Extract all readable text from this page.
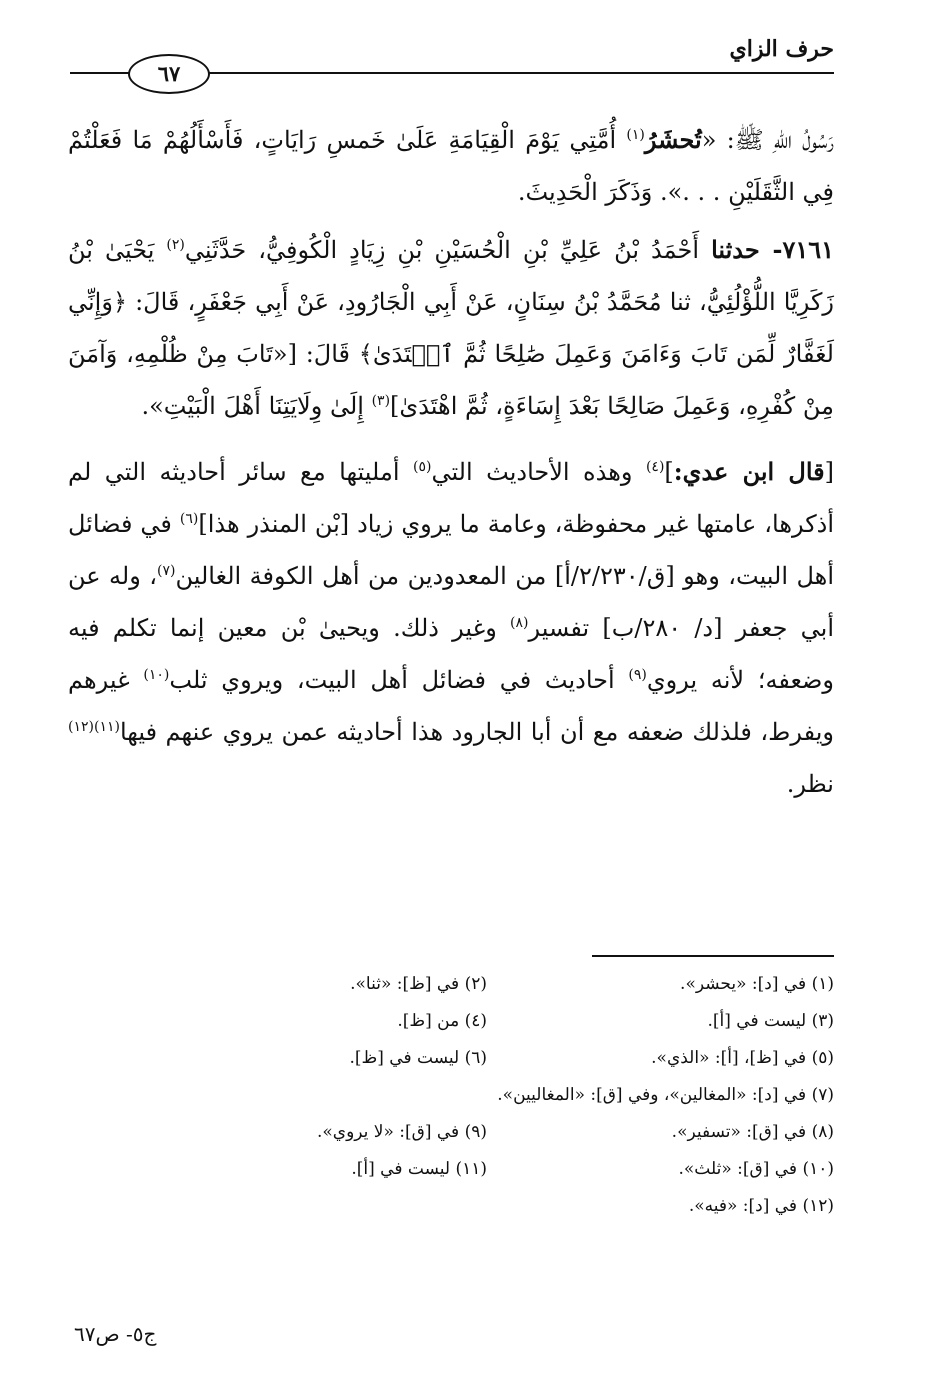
حرف الزاي
٦٧

رَسُولُ اللهِ ﷺ: «تُحشَرُ$^{(١)}$ أُمَّتِي يَوْمَ الْقِيَامَةِ عَلَىٰ خَمسِ رَايَاتٍ، فَأَسْأَلُهُمْ مَا فَعَلْتُمْ فِي الثَّقَلَيْنِ . . .». وَذَكَرَ الْحَدِيثَ.

٧١٦١- حدثنا أَحْمَدُ بْنُ عَلِيِّ بْنِ الْحُسَيْنِ بْنِ زِيَادٍ الْكُوفِيُّ، حَدَّثَنِي$^{(٢)}$ يَحْيَىٰ بْنُ زَكَرِيَّا اللُّؤْلُئِيُّ، ثنا مُحَمَّدُ بْنُ سِنَانٍ، عَنْ أَبِي الْجَارُودِ، عَنْ أَبِي جَعْفَرٍ، قَالَ: ﴿وَإِنِّي لَغَفَّارٌ لِّمَن تَابَ وَءَامَنَ وَعَمِلَ صَٰلِحًا ثُمَّ ٱهۡتَدَىٰ﴾ قَالَ: [«تَابَ مِنْ ظُلْمِهِ، وَآمَنَ مِنْ كُفْرِهِ، وَعَمِلَ صَالِحًا بَعْدَ إِسَاءَةٍ، ثُمَّ اهْتَدَىٰ]$^{(٣)}$ إِلَىٰ وِلَايَتِنَا أَهْلَ الْبَيْتِ».

[قال ابن عدي:]$^{(٤)}$ وهذه الأحاديث التي$^{(٥)}$ أمليتها مع سائر أحاديثه التي لم أذكرها، عامتها غير محفوظة، وعامة ما يروي زياد [بْن المنذر هذا]$^{(٦)}$ في فضائل أهل البيت، وهو [ق/٢/٢٣٠/أ] من المعدودين من أهل الكوفة الغالين$^{(٧)}$، وله عن أبي جعفر [د/ ٢٨٠/ب] تفسير$^{(٨)}$ وغير ذلك. ويحيىٰ بْن معين إنما تكلم فيه وضعفه؛ لأنه يروي$^{(٩)}$ أحاديث في فضائل أهل البيت، ويروي ثلب$^{(١٠)}$ غيرهم ويفرط، فلذلك ضعفه مع أن أبا الجارود هذا أحاديثه عمن يروي عنهم فيها$^{(١١)(١٢)}$ نظر.

(١) في [د]: «يحشر».
(٢) في [ظ]: «ثنا».
(٣) ليست في [أ].
(٤) من [ظ].
(٥) في [ظ]، [أ]: «الذي».
(٦) ليست في [ظ].
(٧) في [د]: «المغالين»، وفي [ق]: «المغاليين».
(٨) في [ق]: «تسفير».
(٩) في [ق]: «لا يروي».
(١٠) في [ق]: «ثلث».
(١١) ليست في [أ].
(١٢) في [د]: «فيه».
ج٥- ص٦٧
